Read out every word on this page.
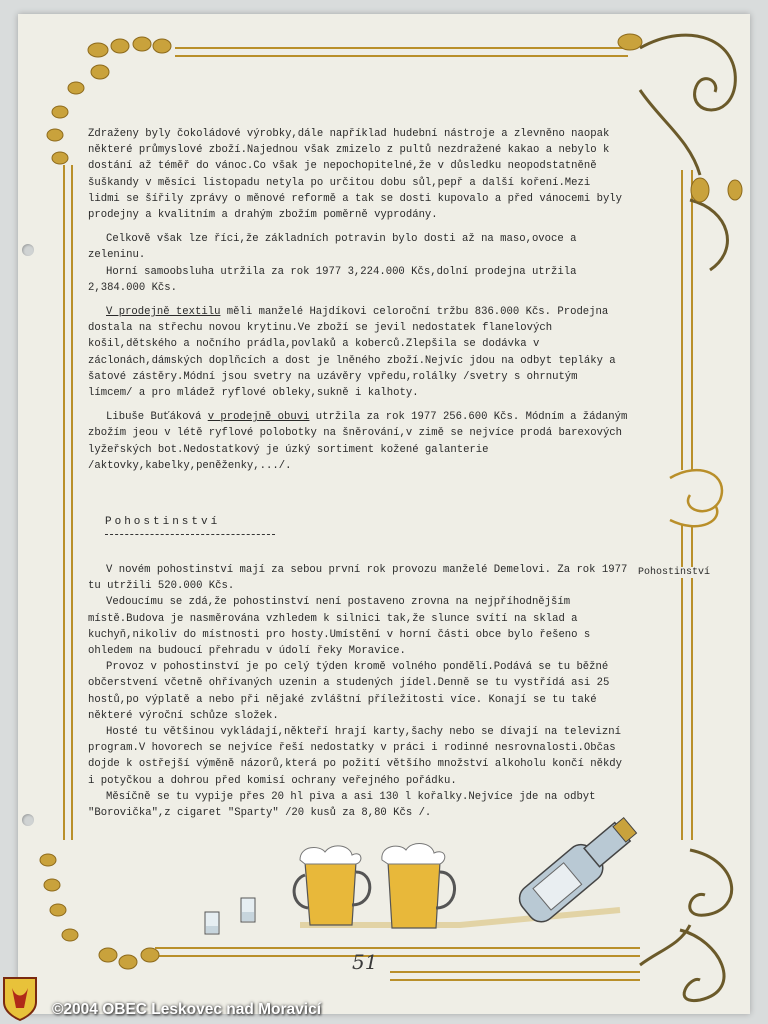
Zdraženy byly čokoládové výrobky,dále například hudební nástroje a zlevněno naopak některé průmyslové zboží.Najednou však zmizelo z pultů nezdražené kakao a nebylo k dostání až téměř do vánoc.Co však je nepochopitelné,že v důsledku neopodstatněně šuškandy v měsíci listopadu netyla po určitou dobu sůl,pepř a další koření.Mezi lidmi se šířily zprávy o měnové reformě a tak se dosti kupovalo a před vánocemi byly prodejny a kvalitním a drahým zbožím poměrně vyprodány.

Celkově však lze říci,že základních potravin bylo dosti až na maso,ovoce a zeleninu.

Horní samoobsluha utržila za rok 1977 3,224.000 Kčs,dolní prodejna utržila 2,384.000 Kčs.

V prodejně textilu měli manželé Hajdíkovi celoroční tržbu 836.000 Kčs. Prodejna dostala na střechu novou krytinu.Ve zboží se jevil nedostatek flanelových košil,dětského a nočního prádla,povlaků a koberců.Zlepšila se dodávka v záclonách,dámských doplňcích a dost je lněného zboží.Nejvíc jdou na odbyt tepláky a šatové zástěry.Módní jsou svetry na uzávěry vpředu,rolálky /svetry s ohrnutým límcem/ a pro mládež ryflové obleky,sukně i kalhoty.

Libuše Buťáková v prodejně obuvi utržila za rok 1977 256.600 Kčs. Módním a žádaným zbožím jeou v létě ryflové polobotky na šněrování,v zimě se nejvíce prodá barexových lyžeřských bot.Nedostatkový je úzký sortiment kožené galanterie /aktovky,kabelky,peněženky,.../.

Pohostinství

V novém pohostinství mají za sebou první rok provozu manželé Demelovi. Za rok 1977 tu utržili 520.000 Kčs.

Vedoucímu se zdá,že pohostinství není postaveno zrovna na nejpříhodnějším místě.Budova je nasměrována vzhledem k silnici tak,že slunce svítí na sklad a kuchyň,nikoliv do místnosti pro hosty.Umístění v horní části obce bylo řešeno s ohledem na budoucí přehradu v údolí řeky Moravice.

Provoz v pohostinství je po celý týden kromě volného pondělí.Podává se tu běžné občerstvení včetně ohřívaných uzenin a studených jídel.Denně se tu vystřídá asi 25 hostů,po výplatě a nebo při nějaké zvláštní příležitosti více. Konají se tu také některé výroční schůze složek.

Hosté tu většinou vykládají,někteří hrají karty,šachy nebo se dívají na televizní program.V hovorech se nejvíce řeší nedostatky v práci i rodinné nesrovnalosti.Občas dojde k ostřejší výměně názorů,která po požití většího množství alkoholu končí někdy i potyčkou a dohrou před komisí ochrany veřejného pořádku.

Měsíčně se tu vypije přes 20 hl piva a asi 130 l kořalky.Nejvíce jde na odbyt "Borovička",z cigaret "Sparty" /20 kusů za 8,80 Kčs /.

Pohostinství
51
©2004 OBEC Leskovec nad Moravicí
